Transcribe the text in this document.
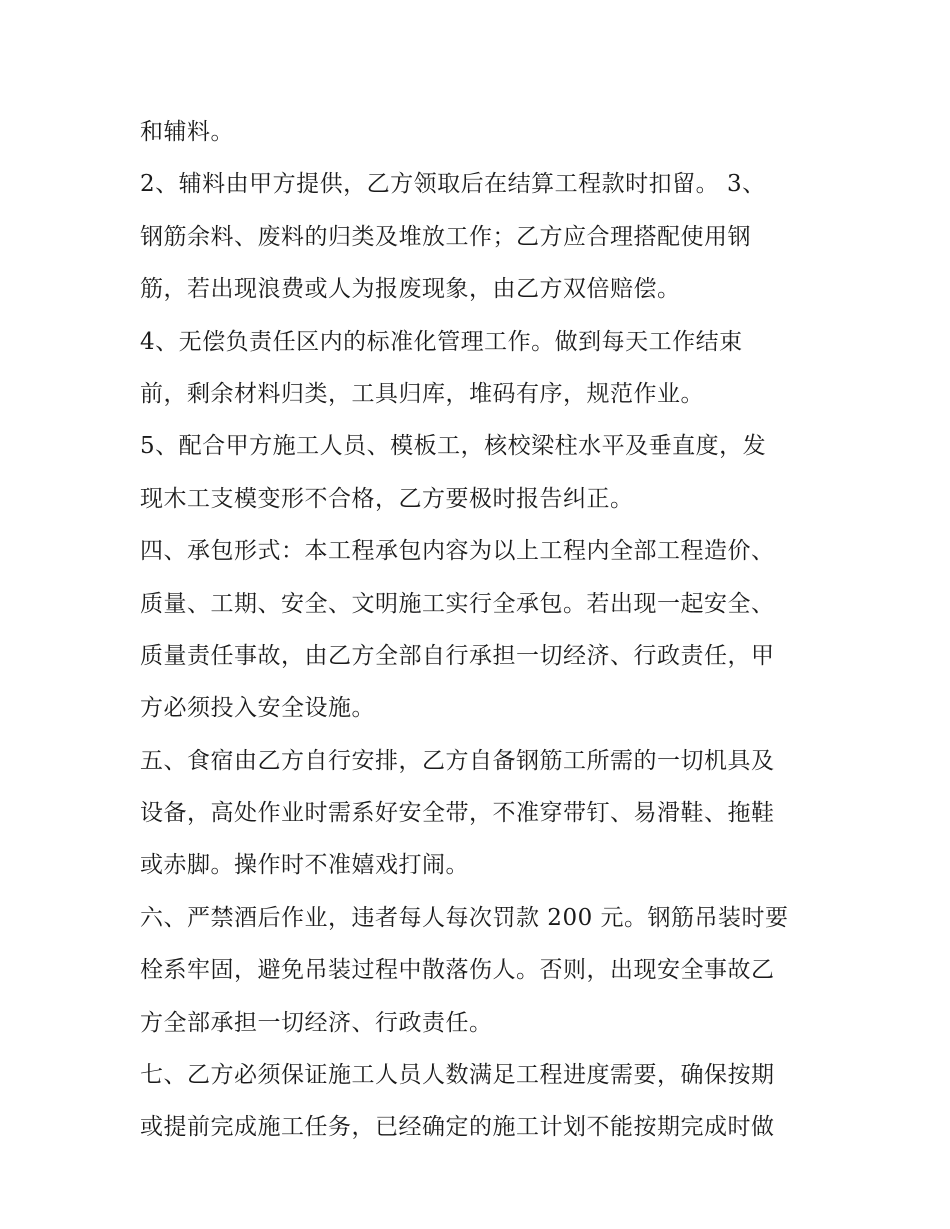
和辅料。
2、辅料由甲方提供，乙方领取后在结算工程款时扣留。 3、
钢筋余料、废料的归类及堆放工作；乙方应合理搭配使用钢
筋，若出现浪费或人为报废现象，由乙方双倍赔偿。
4、无偿负责任区内的标准化管理工作。做到每天工作结束
前，剩余材料归类，工具归库，堆码有序，规范作业。
5、配合甲方施工人员、模板工，核校梁柱水平及垂直度，发
现木工支模变形不合格，乙方要极时报告纠正。
四、承包形式：本工程承包内容为以上工程内全部工程造价、
质量、工期、安全、文明施工实行全承包。若出现一起安全、
质量责任事故，由乙方全部自行承担一切经济、行政责任，甲
方必须投入安全设施。
五、食宿由乙方自行安排，乙方自备钢筋工所需的一切机具及
设备，高处作业时需系好安全带，不准穿带钉、易滑鞋、拖鞋
或赤脚。操作时不准嬉戏打闹。
六、严禁酒后作业，违者每人每次罚款 200 元。钢筋吊装时要
栓系牢固，避免吊装过程中散落伤人。否则，出现安全事故乙
方全部承担一切经济、行政责任。
七、乙方必须保证施工人员人数满足工程进度需要，确保按期
或提前完成施工任务，已经确定的施工计划不能按期完成时做
